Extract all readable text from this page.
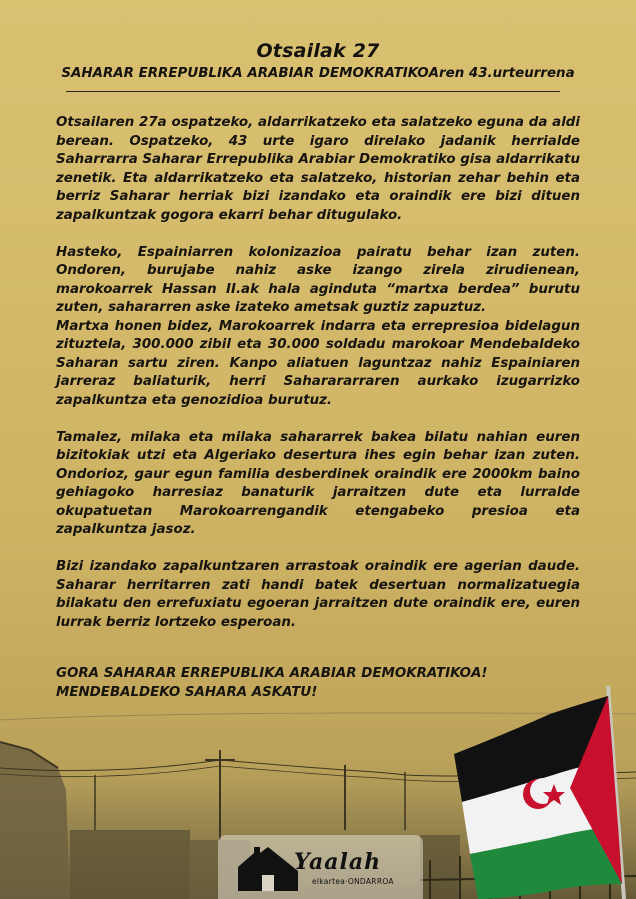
Otsailak 27
SAHARAR ERREPUBLIKA ARABIAR DEMOKRATIKOAren 43.urteurrena

Otsailaren 27a ospatzeko, aldarrikatzeko eta salatzeko eguna da aldi berean. Ospatzeko, 43 urte igaro direlako jadanik herrialde Saharrarra Saharar Errepublika Arabiar Demokratiko gisa aldarrikatu zenetik. Eta aldarrikatzeko eta salatzeko, historian zehar behin eta berriz Saharar herriak bizi izandako eta oraindik ere bizi dituen zapalkuntzak gogora ekarri behar ditugulako.

Hasteko, Espainiarren kolonizazioa pairatu behar izan zuten. Ondoren, burujabe nahiz aske izango zirela zirudienean, marokoarrek Hassan II.ak hala aginduta “martxa berdea” burutu zuten, sahararren aske izateko ametsak guztiz zapuztuz.

Martxa honen bidez, Marokoarrek indarra eta errepresioa bidelagun zituztela, 300.000 zibil eta 30.000 soldadu marokoar Mendebaldeko Saharan sartu ziren. Kanpo aliatuen laguntzaz nahiz Espainiaren jarreraz baliaturik, herri Saharararraren aurkako izugarrizko zapalkuntza eta genozidioa burutuz.

Tamalez, milaka eta milaka sahararrek bakea bilatu nahian euren bizitokiak utzi eta Algeriako desertura ihes egin behar izan zuten. Ondorioz, gaur egun familia desberdinek oraindik ere 2000km baino gehiagoko harresiaz banaturik jarraitzen dute eta lurralde okupatuetan Marokoarrengandik etengabeko presioa eta zapalkuntza jasoz.

Bizi izandako zapalkuntzaren arrastoak oraindik ere agerian daude. Saharar herritarren zati handi batek desertuan normalizatuegia bilakatu den errefuxiatu egoeran jarraitzen dute oraindik ere, euren lurrak berriz lortzeko esperoan.

GORA SAHARAR ERREPUBLIKA ARABIAR DEMOKRATIKOA!
MENDEBALDEKO SAHARA ASKATU!
Yaalah
elkartea·ONDARROA
